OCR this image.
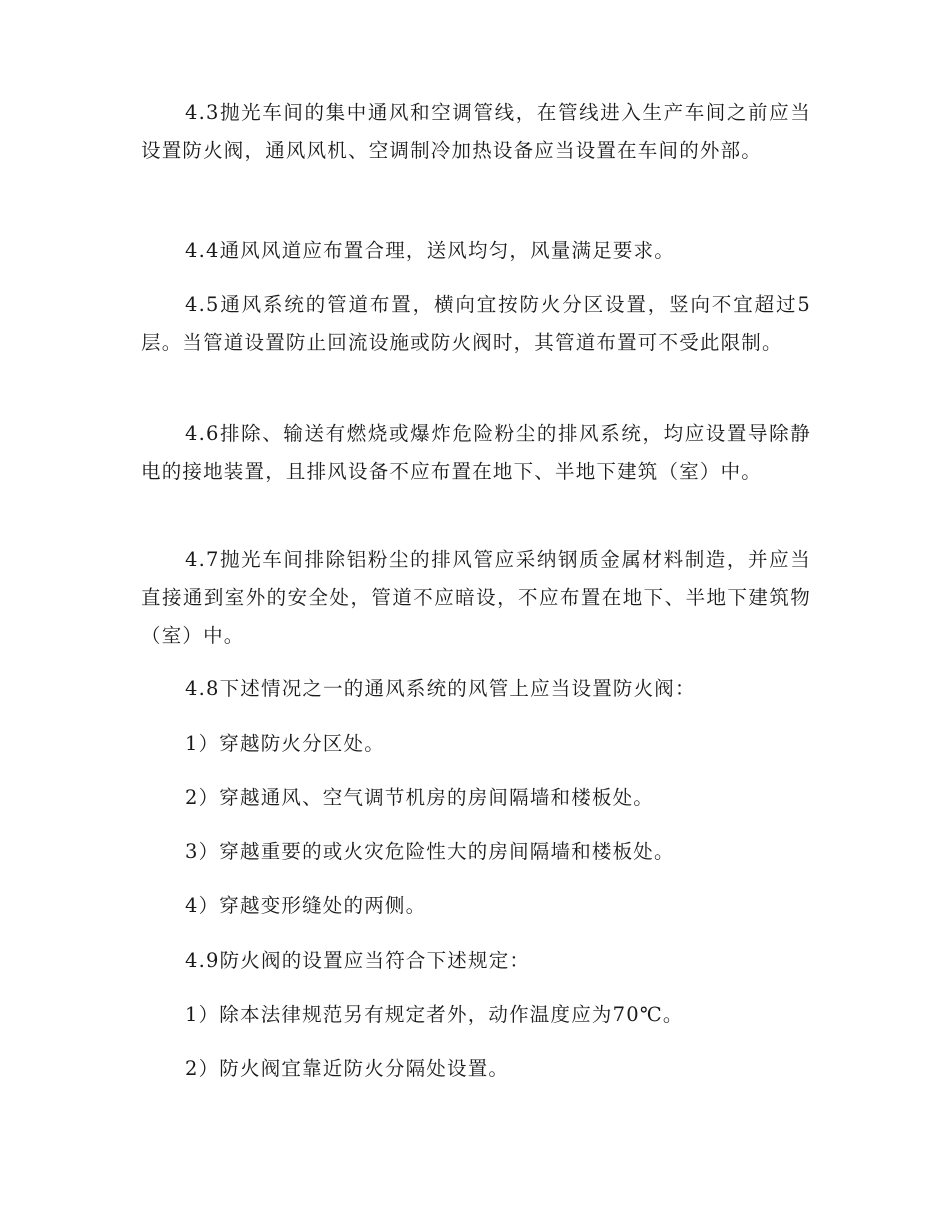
4.3抛光车间的集中通风和空调管线，在管线进入生产车间之前应当设置防火阀，通风风机、空调制冷加热设备应当设置在车间的外部。

4.4通风风道应布置合理，送风均匀，风量满足要求。

4.5通风系统的管道布置，横向宜按防火分区设置，竖向不宜超过5 层。当管道设置防止回流设施或防火阀时，其管道布置可不受此限制。

4.6排除、输送有燃烧或爆炸危险粉尘的排风系统，均应设置导除静电的接地装置，且排风设备不应布置在地下、半地下建筑（室）中。

4.7抛光车间排除铝粉尘的排风管应采纳钢质金属材料制造，并应当直接通到室外的安全处，管道不应暗设，不应布置在地下、半地下建筑物（室）中。

4.8下述情况之一的通风系统的风管上应当设置防火阀：

1）穿越防火分区处。

2）穿越通风、空气调节机房的房间隔墙和楼板处。

3）穿越重要的或火灾危险性大的房间隔墙和楼板处。

4）穿越变形缝处的两侧。

4.9防火阀的设置应当符合下述规定：

1）除本法律规范另有规定者外，动作温度应为70℃。

2）防火阀宜靠近防火分隔处设置。
